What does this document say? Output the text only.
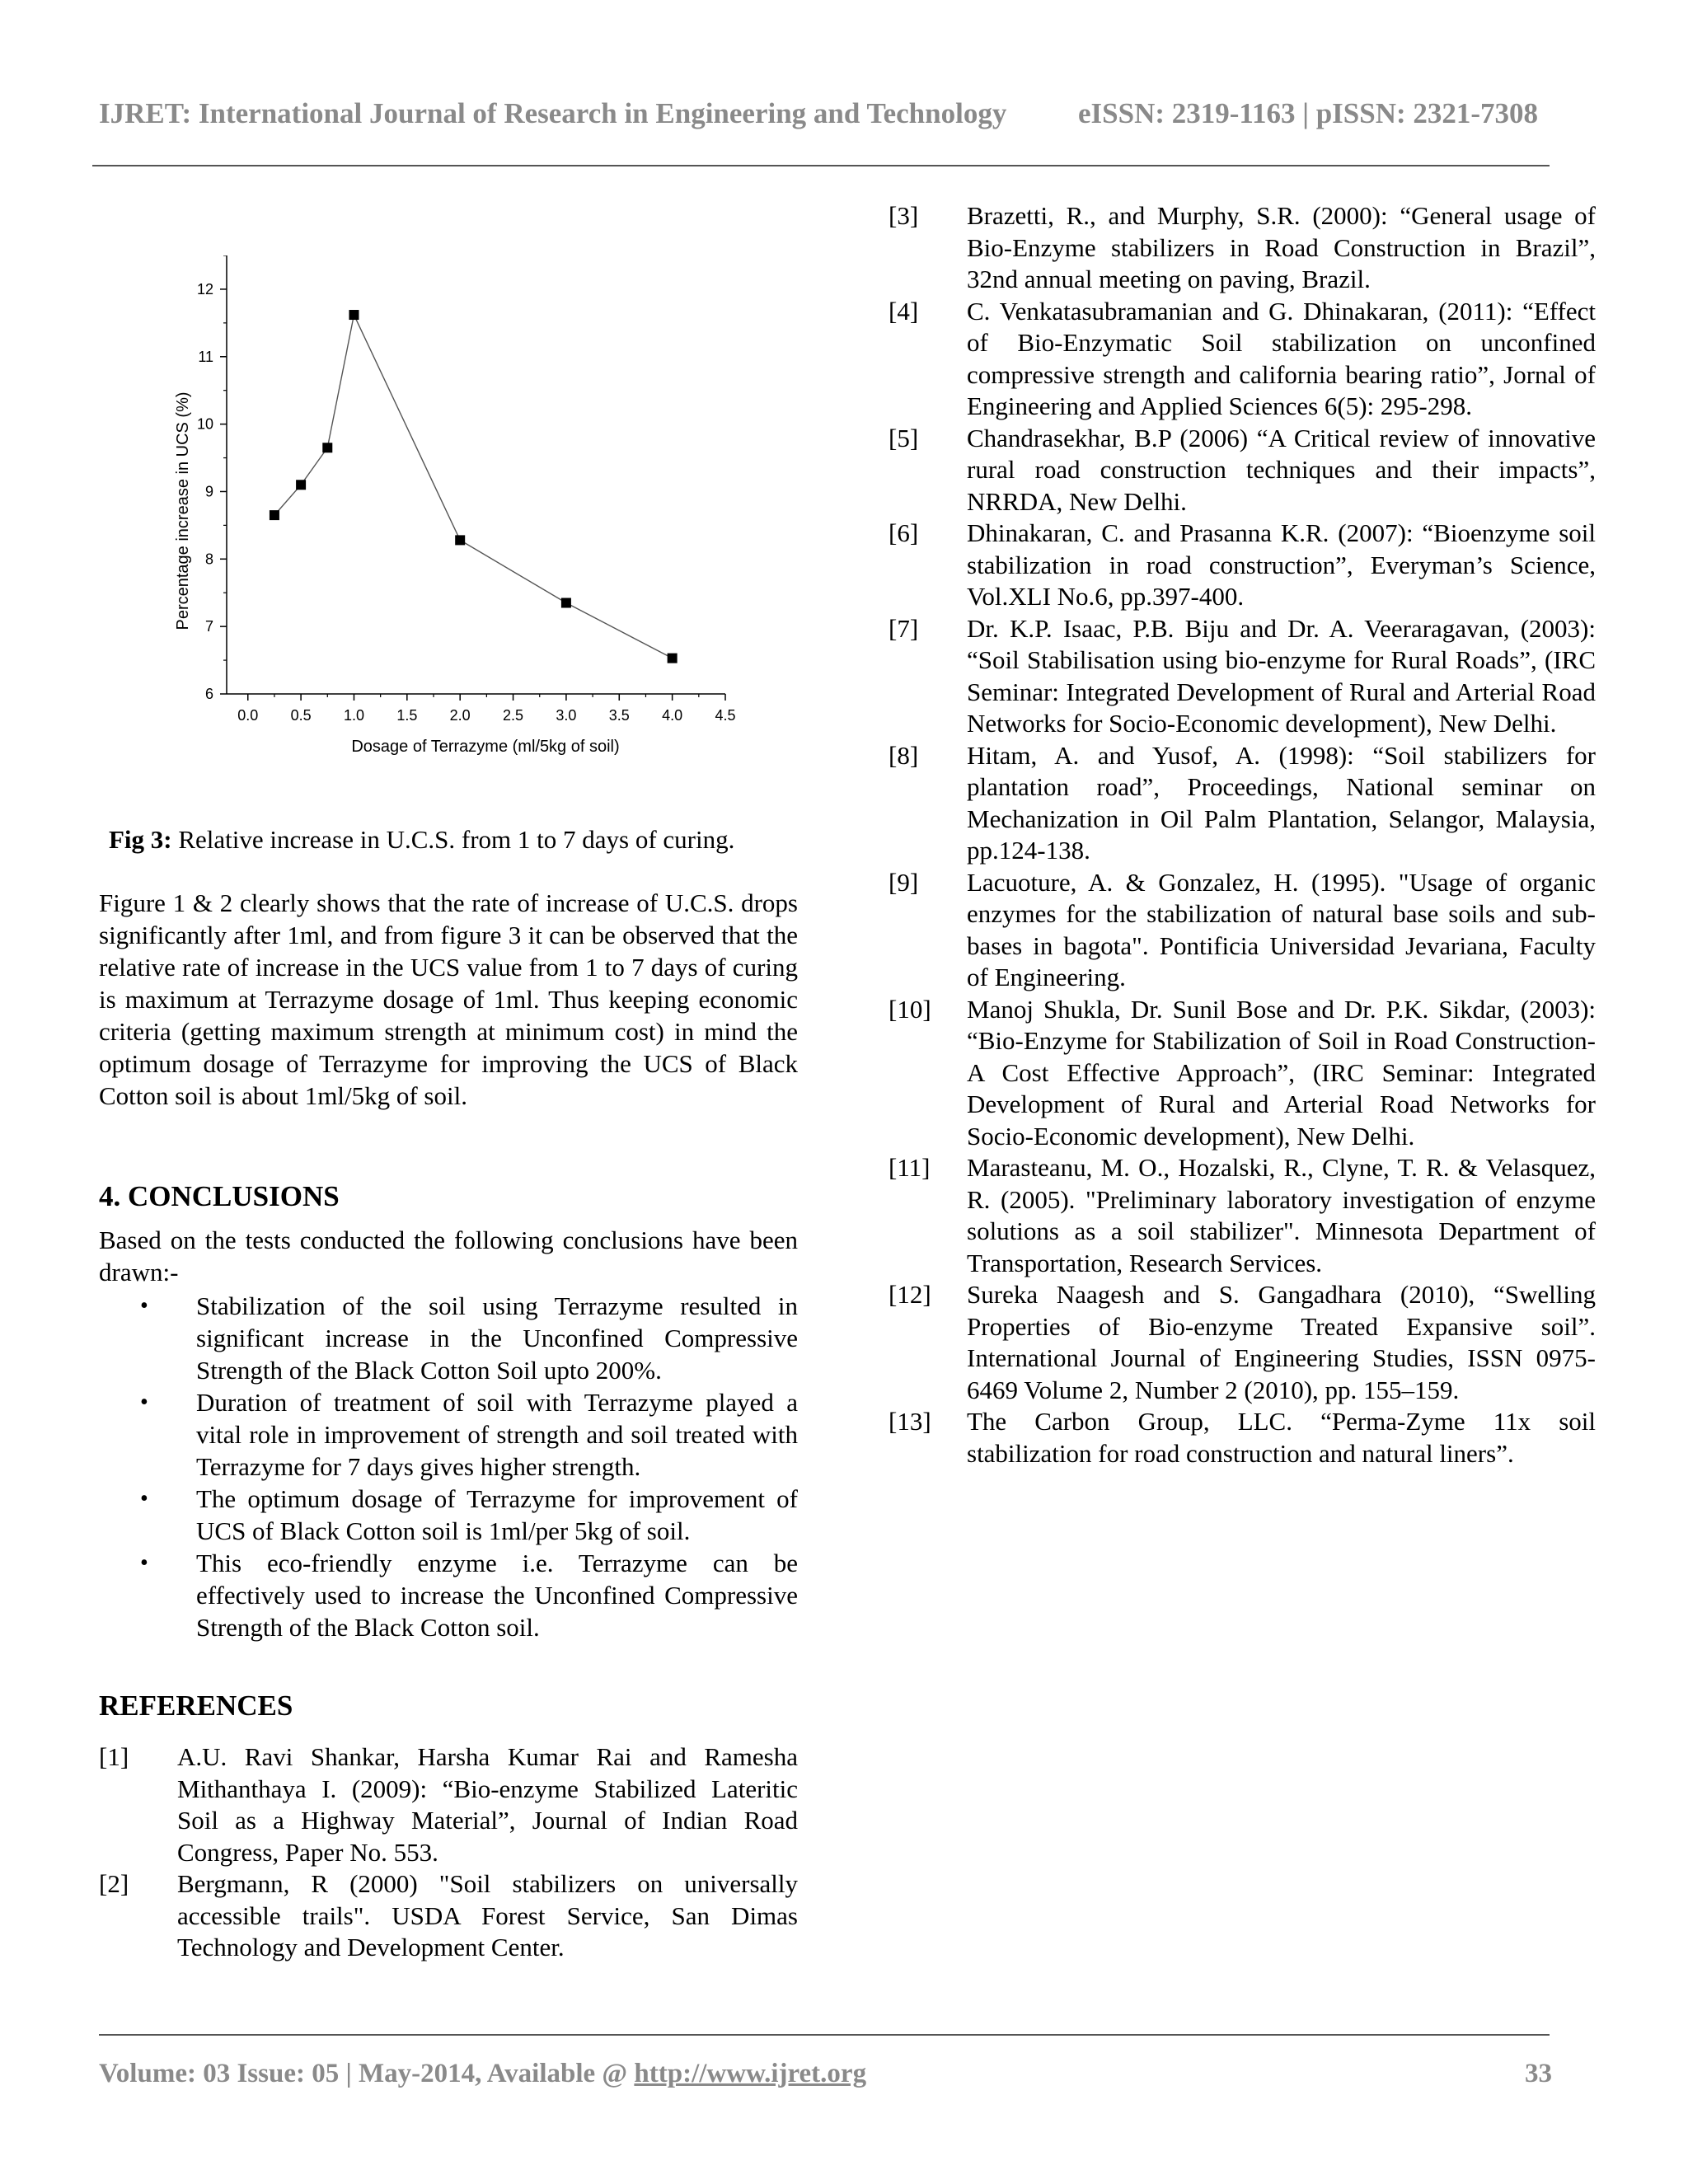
IJRET: International Journal of Research in Engineering and Technology eISSN: 2319-1163 | pISSN: 2321-7308
0.0 0.5 1.0 1.5 2.0 2.5 3.0 3.5 4.0 4.5
6
7
8
9
10
11
12
Dosage of Terrazyme (ml/5kg of soil)
Percentage increase in UCS (%)
Fig 3: Relative increase in U.C.S. from 1 to 7 days of curing.
Figure 1 & 2 clearly shows that the rate of increase of U.C.S. drops significantly after 1ml, and from figure 3 it can be observed that the relative rate of increase in the UCS value from 1 to 7 days of curing is maximum at Terrazyme dosage of 1ml. Thus keeping economic criteria (getting maximum strength at minimum cost) in mind the optimum dosage of Terrazyme for improving the UCS of Black Cotton soil is about 1ml/5kg of soil.
4. CONCLUSIONS
Based on the tests conducted the following conclusions have been drawn:-
• Stabilization of the soil using Terrazyme resulted in significant increase in the Unconfined Compressive Strength of the Black Cotton Soil upto 200%.
• Duration of treatment of soil with Terrazyme played a vital role in improvement of strength and soil treated with Terrazyme for 7 days gives higher strength.
• The optimum dosage of Terrazyme for improvement of UCS of Black Cotton soil is 1ml/per 5kg of soil.
• This eco-friendly enzyme i.e. Terrazyme can be effectively used to increase the Unconfined Compressive Strength of the Black Cotton soil.
REFERENCES
[1] A.U. Ravi Shankar, Harsha Kumar Rai and Ramesha Mithanthaya I. (2009): “Bio-enzyme Stabilized Lateritic Soil as a Highway Material”, Journal of Indian Road Congress, Paper No. 553.
[2] Bergmann, R (2000) "Soil stabilizers on universally accessible trails". USDA Forest Service, San Dimas Technology and Development Center.
[3] Brazetti, R., and Murphy, S.R. (2000): “General usage of Bio-Enzyme stabilizers in Road Construction in Brazil”, 32nd annual meeting on paving, Brazil.
[4] C. Venkatasubramanian and G. Dhinakaran, (2011): “Effect of Bio-Enzymatic Soil stabilization on unconfined compressive strength and california bearing ratio”, Jornal of Engineering and Applied Sciences 6(5): 295-298.
[5] Chandrasekhar, B.P (2006) “A Critical review of innovative rural road construction techniques and their impacts”, NRRDA, New Delhi.
[6] Dhinakaran, C. and Prasanna K.R. (2007): “Bioenzyme soil stabilization in road construction”, Everyman’s Science, Vol.XLI No.6, pp.397-400.
[7] Dr. K.P. Isaac, P.B. Biju and Dr. A. Veeraragavan, (2003): “Soil Stabilisation using bio-enzyme for Rural Roads”, (IRC Seminar: Integrated Development of Rural and Arterial Road Networks for Socio-Economic development), New Delhi.
[8] Hitam, A. and Yusof, A. (1998): “Soil stabilizers for plantation road”, Proceedings, National seminar on Mechanization in Oil Palm Plantation, Selangor, Malaysia, pp.124-138.
[9] Lacuoture, A. & Gonzalez, H. (1995). "Usage of organic enzymes for the stabilization of natural base soils and sub-bases in bagota". Pontificia Universidad Jevariana, Faculty of Engineering.
[10] Manoj Shukla, Dr. Sunil Bose and Dr. P.K. Sikdar, (2003): “Bio-Enzyme for Stabilization of Soil in Road Construction- A Cost Effective Approach”, (IRC Seminar: Integrated Development of Rural and Arterial Road Networks for Socio-Economic development), New Delhi.
[11] Marasteanu, M. O., Hozalski, R., Clyne, T. R. & Velasquez, R. (2005). "Preliminary laboratory investigation of enzyme solutions as a soil stabilizer". Minnesota Department of Transportation, Research Services.
[12] Sureka Naagesh and S. Gangadhara (2010), “Swelling Properties of Bio-enzyme Treated Expansive soil”. International Journal of Engineering Studies, ISSN 0975- 6469 Volume 2, Number 2 (2010), pp. 155–159.
[13] The Carbon Group, LLC. “Perma-Zyme 11x soil stabilization for road construction and natural liners”.
Volume: 03 Issue: 05 | May-2014, Available @ http://www.ijret.org	33
